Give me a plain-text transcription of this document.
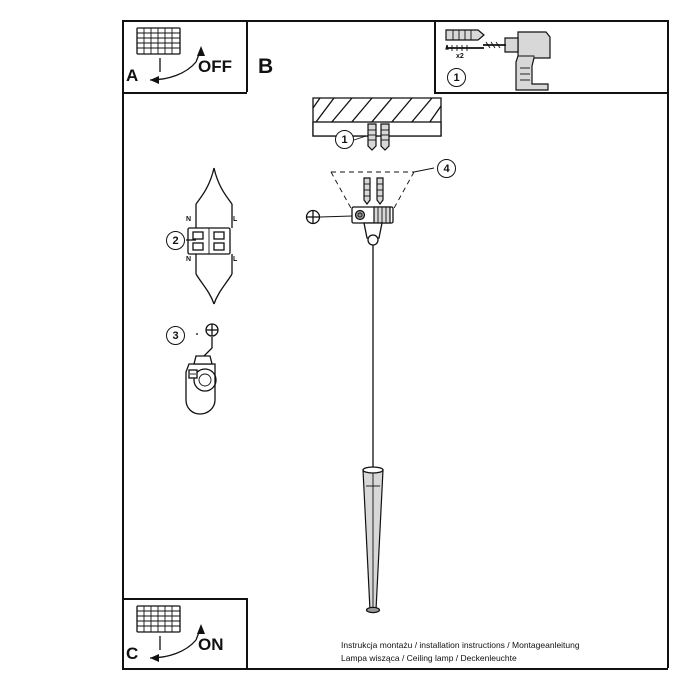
A	OFF B	1
x2
2
N	L
N	L
3
1
4
C	ON	Instrukcja montażu / installation instructions / Montageanleitung
Lampa wisząca / Ceiling lamp / Deckenleuchte
